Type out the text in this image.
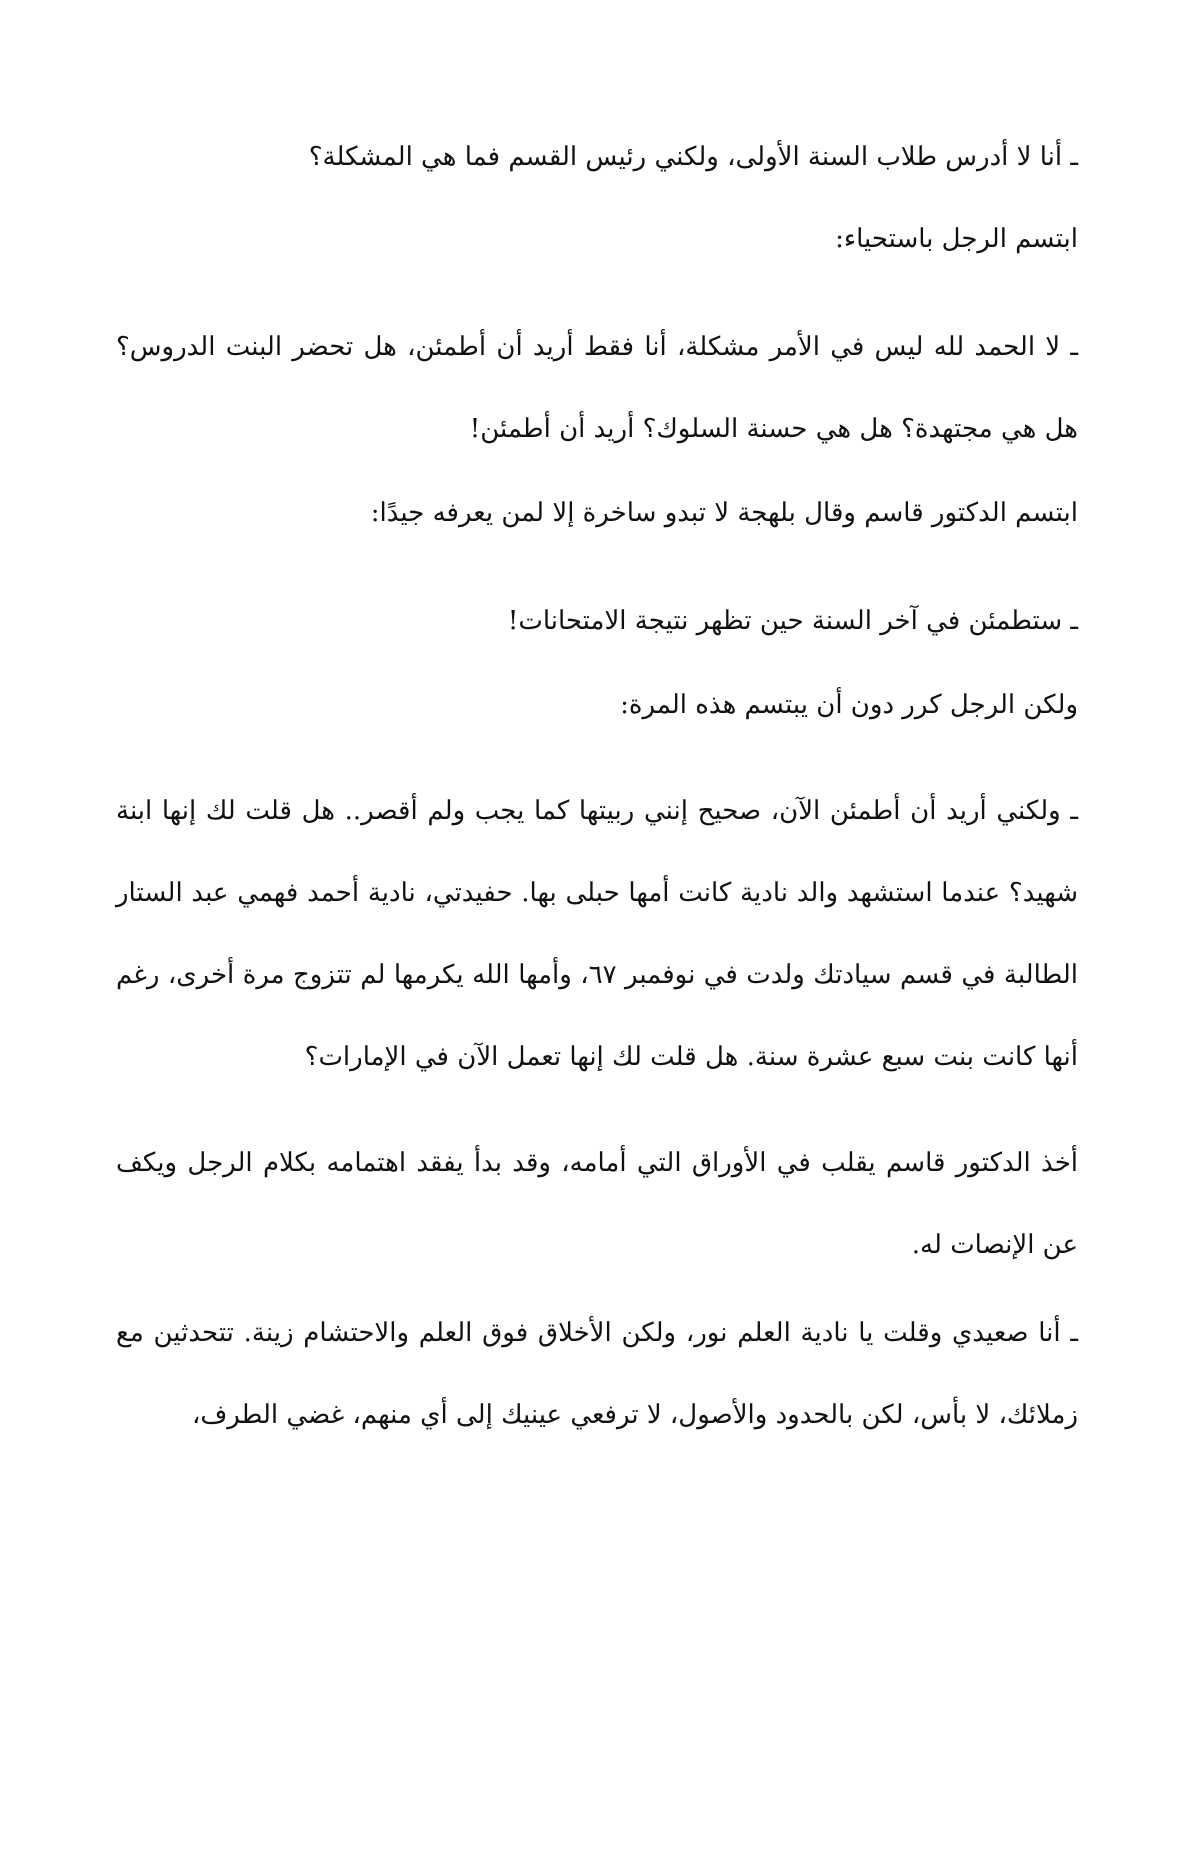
ـ أنا لا أدرس طلاب السنة الأولى، ولكني رئيس القسم فما هي المشكلة؟

ابتسم الرجل باستحياء:

ـ لا الحمد لله ليس في الأمر مشكلة، أنا فقط أريد أن أطمئن، هل تحضر البنت الدروس؟ هل هي مجتهدة؟ هل هي حسنة السلوك؟ أريد أن أطمئن!

ابتسم الدكتور قاسم وقال بلهجة لا تبدو ساخرة إلا لمن يعرفه جيدًا:

ـ ستطمئن في آخر السنة حين تظهر نتيجة الامتحانات!

ولكن الرجل كرر دون أن يبتسم هذه المرة:

ـ ولكني أريد أن أطمئن الآن، صحيح إنني ربيتها كما يجب ولم أقصر.. هل قلت لك إنها ابنة شهيد؟ عندما استشهد والد نادية كانت أمها حبلى بها. حفيدتي، نادية أحمد فهمي عبد الستار الطالبة في قسم سيادتك ولدت في نوفمبر ٦٧، وأمها الله يكرمها لم تتزوج مرة أخرى، رغم أنها كانت بنت سبع عشرة سنة. هل قلت لك إنها تعمل الآن في الإمارات؟

أخذ الدكتور قاسم يقلب في الأوراق التي أمامه، وقد بدأ يفقد اهتمامه بكلام الرجل ويكف عن الإنصات له.

ـ أنا صعيدي وقلت يا نادية العلم نور، ولكن الأخلاق فوق العلم والاحتشام زينة. تتحدثين مع زملائك، لا بأس، لكن بالحدود والأصول، لا ترفعي عينيك إلى أي منهم، غضي الطرف،
